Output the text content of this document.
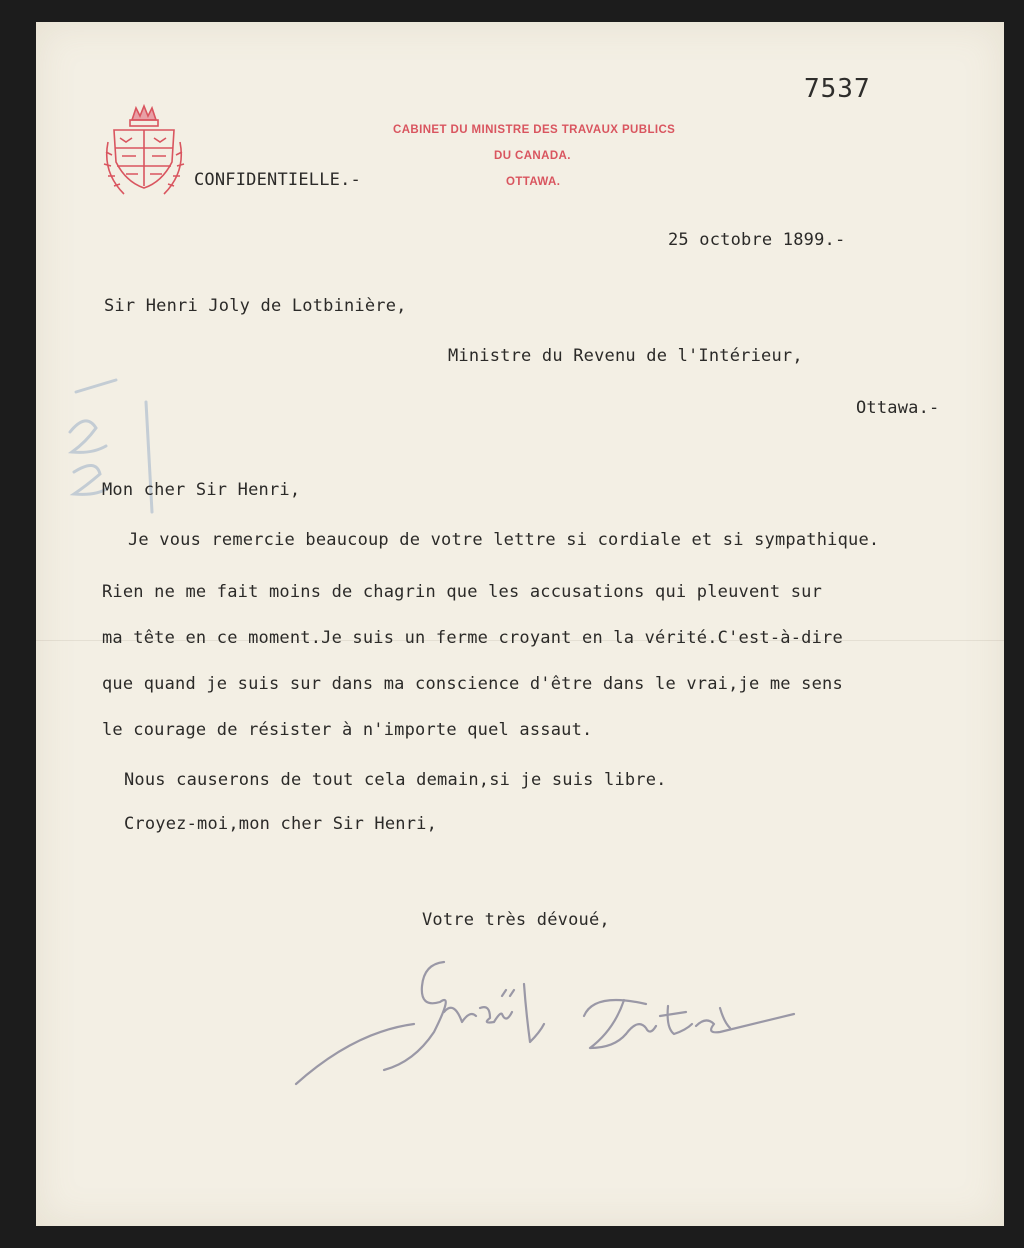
CABINET DU MINISTRE DES TRAVAUX PUBLICS
DU CANADA.
OTTAWA.
7537
CONFIDENTIELLE.-
25 octobre 1899.-
Sir Henri Joly de Lotbinière,
Ministre du Revenu de l'Intérieur,
Ottawa.-
Mon cher Sir Henri,
Je vous remercie beaucoup de votre lettre si cordiale et si sympathique.
Rien ne me fait moins de chagrin que les accusations qui pleuvent sur
ma tête en ce moment.Je suis un ferme croyant en la vérité.C'est-à-dire
que quand je suis sur dans ma conscience d'être dans le vrai,je me sens
le courage de résister à n'importe quel assaut.
Nous causerons de tout cela demain,si je suis libre.
Croyez-moi,mon cher Sir Henri,
Votre très dévoué,
